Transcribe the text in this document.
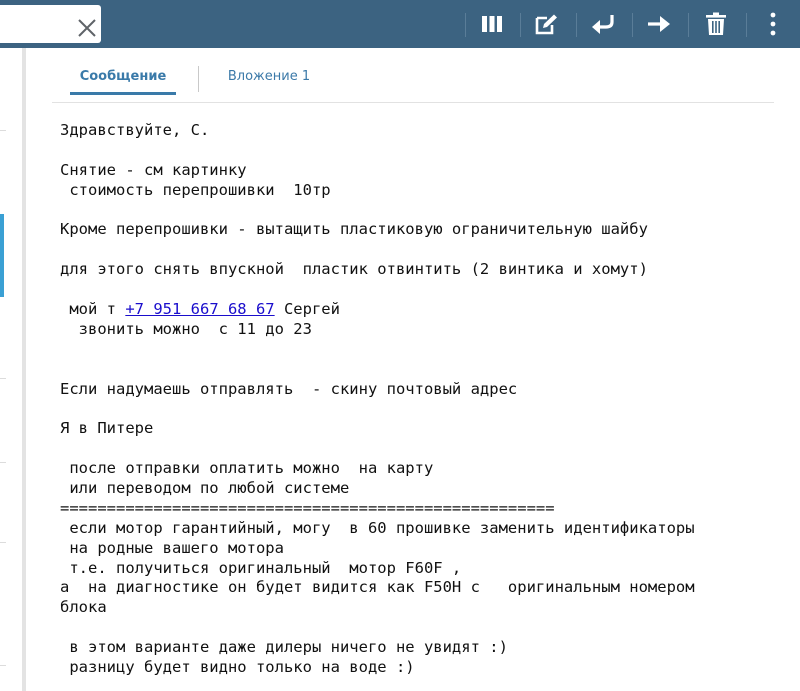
Сообщение	Вложение 1
Здравствуйте, С.
Снятие - см картинку
стоимость перепрошивки  10тр
Кроме перепрошивки - вытащить пластиковую ограничительную шайбу
для этого снять впускной  пластик отвинтить (2 винтика и хомут)
мой т +7 951 667 68 67 Сергей
звонить можно  с 11 до 23
Если надумаешь отправлять  - скину почтовый адрес
Я в Питере
после отправки оплатить можно  на карту
или переводом по любой системе
=====================================================
если мотор гарантийный, могу  в 60 прошивке заменить идентификаторы
на родные вашего мотора
т.е. получиться оригинальный  мотор F60F ,
а  на диагностике он будет видится как F50H с   оригинальным номером
блока
в этом варианте даже дилеры ничего не увидят :)
разницу будет видно только на воде :)
